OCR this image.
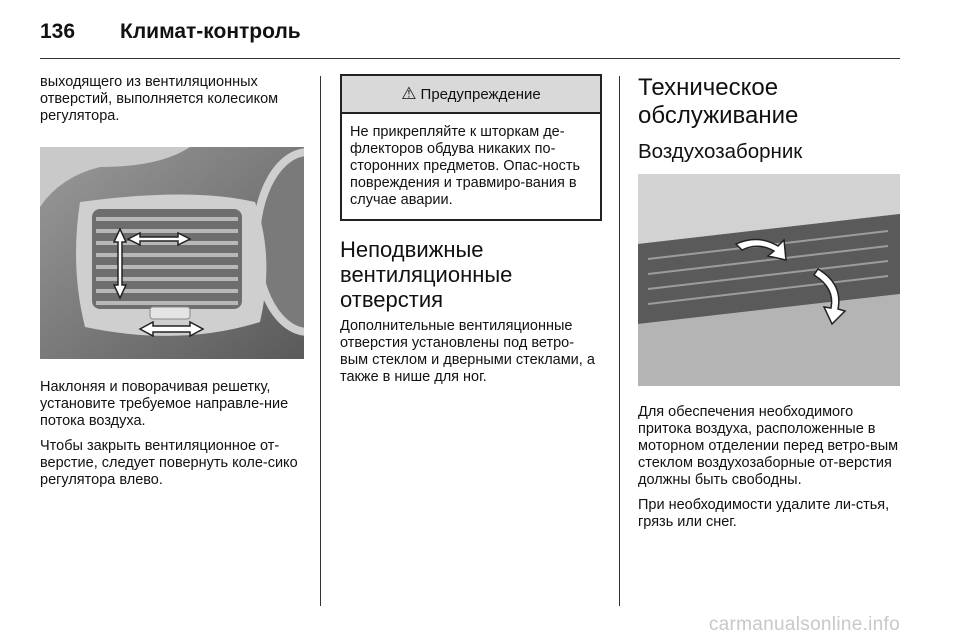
136	Климат-контроль

выходящего из вентиляционных отверстий, выполняется колесиком регулятора.

Наклоняя и поворачивая решетку, установите требуемое направле-ние потока воздуха.

Чтобы закрыть вентиляционное от-верстие, следует повернуть коле-сико регулятора влево.

⚠ Предупреждение
Не прикрепляйте к шторкам де-флекторов обдува никаких по-сторонних предметов. Опас-ность повреждения и травмиро-вания в случае аварии.
Неподвижные вентиляционные отверстия

Дополнительные вентиляционные отверстия установлены под ветро-вым стеклом и дверными стеклами, а также в нише для ног.

Техническое обслуживание
Воздухозаборник

Для обеспечения необходимого притока воздуха, расположенные в моторном отделении перед ветро-вым стеклом воздухозаборные от-верстия должны быть свободны.

При необходимости удалите ли-стья, грязь или снег.

carmanualsonline.info
